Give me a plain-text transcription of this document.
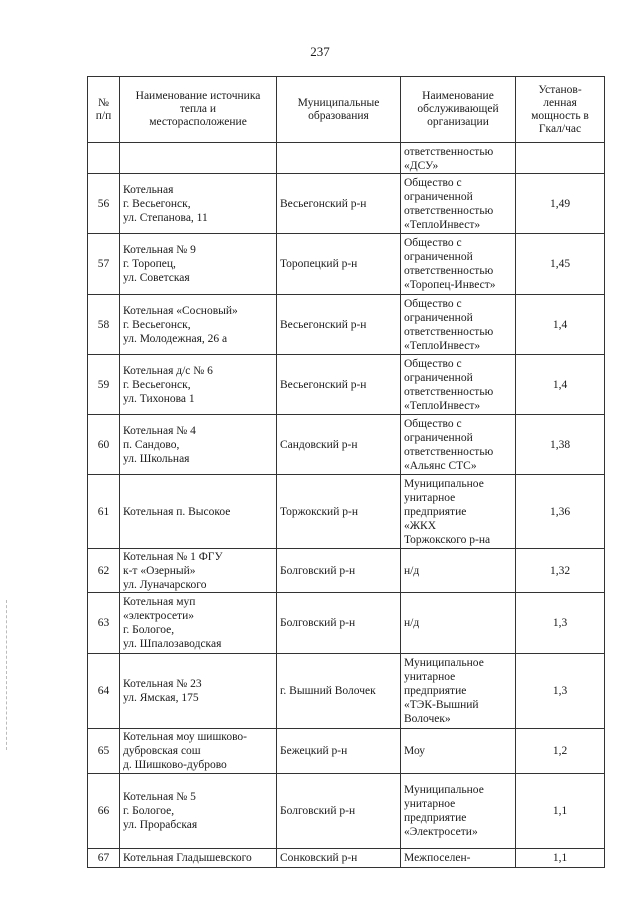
237
№
п/п	Наименование источника
тепла и
месторасположение	Муниципальные
образования	Наименование
обслуживающей
организации	Установ-
ленная
мощность в
Гкал/час

			ответственностью
«ДСУ»	

56	Котельная
г. Весьегонск,
ул. Степанова, 11	Весьегонский р-н	Общество с
ограниченной
ответственностью
«ТеплоИнвест»	1,49
57	Котельная № 9
г. Торопец,
ул. Советская	Торопецкий р-н	Общество с
ограниченной
ответственностью
«Торопец-Инвест»	1,45
58	Котельная «Сосновый»
г. Весьегонск,
ул. Молодежная, 26 а	Весьегонский р-н	Общество с
ограниченной
ответственностью
«ТеплоИнвест»	1,4
59	Котельная д/с № 6
г. Весьегонск,
ул. Тихонова 1	Весьегонский р-н	Общество с
ограниченной
ответственностью
«ТеплоИнвест»	1,4
60	Котельная № 4
п. Сандово,
ул. Школьная	Сандовский р-н	Общество с
ограниченной
ответственностью
«Альянс СТС»	1,38
61	Котельная п. Высокое	Торжокский р-н	Муниципальное
унитарное
предприятие
«ЖКХ
Торжокского р-на	1,36
62	Котельная № 1 ФГУ
к-т «Озерный»
ул. Луначарского	Болговский р-н	н/д	1,32
63	Котельная муп
«электросети»
г. Бологое,
ул. Шпалозаводская	Болговский р-н	н/д	1,3
64	Котельная № 23
ул. Ямская, 175	г. Вышний Волочек	Муниципальное
унитарное
предприятие
«ТЭК-Вышний
Волочек»	1,3
65	Котельная моу шишково-
дубровская сош
д. Шишково-дуброво	Бежецкий р-н	Моу	1,2
66	Котельная № 5
г. Бологое,
ул. Прорабская	Болговский р-н	Муниципальное
унитарное
предприятие
«Электросети»	1,1
67	Котельная Гладышевского	Сонковский р-н	Межпоселен-	1,1
